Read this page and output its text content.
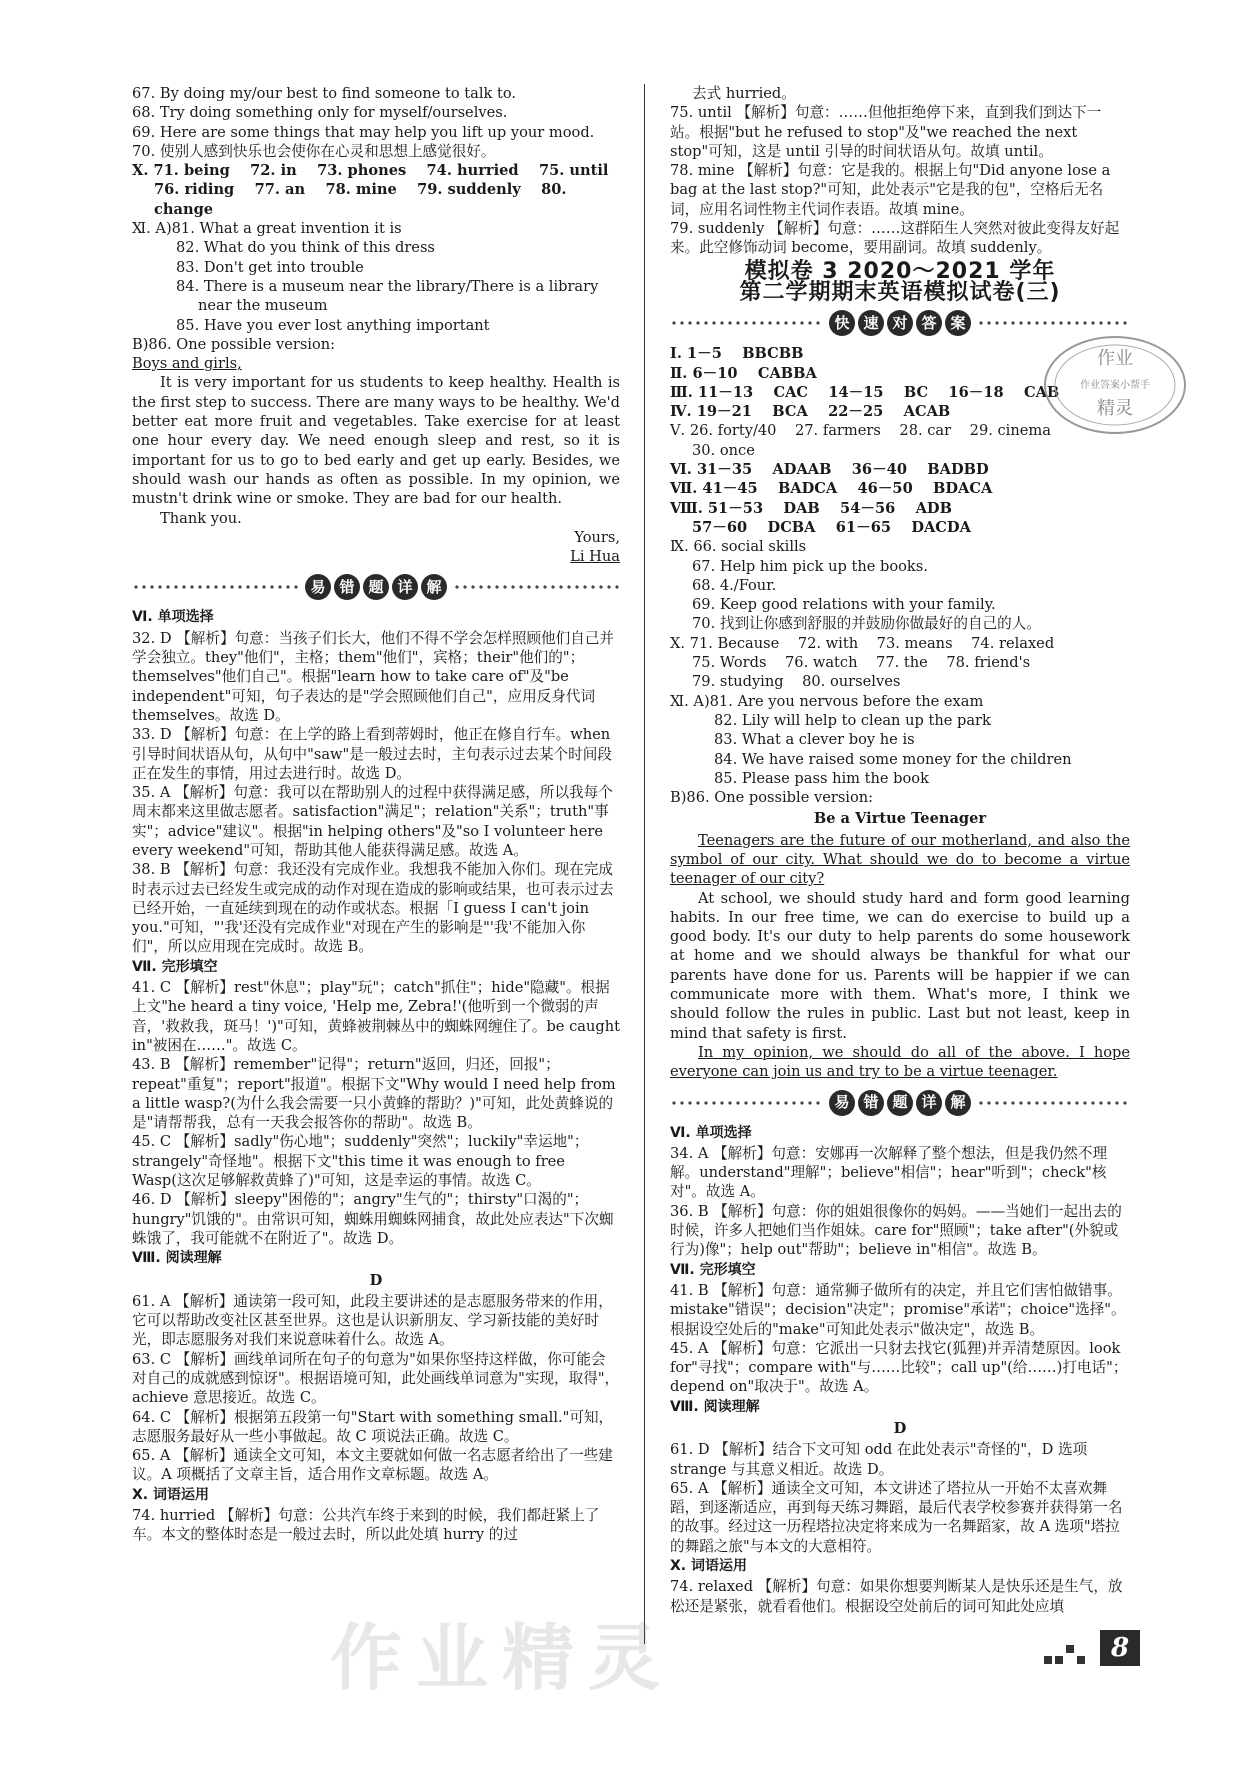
67. By doing my/our best to find someone to talk to.

68. Try doing something only for myself/ourselves.

69. Here are some things that may help you lift up your mood.

70. 使别人感到快乐也会使你在心灵和思想上感觉很好。

Ⅹ. 71. being    72. in    73. phones    74. hurried    75. until

76. riding    77. an    78. mine    79. suddenly    80. change

Ⅺ. A)81. What a great invention it is

82. What do you think of this dress

83. Don't get into trouble

84. There is a museum near the library/There is a library

near the museum

85. Have you ever lost anything important

B)86. One possible version:

Boys and girls,

It is very important for us students to keep healthy. Health is the first step to success. There are many ways to be healthy. We'd better eat more fruit and vegetables. Take exercise for at least one hour every day. We need enough sleep and rest, so it is important for us to go to bed early and get up early. Besides, we should wash our hands as often as possible. In my opinion, we mustn't drink wine or smoke. They are bad for our health.

Thank you.

Yours,

Li Hua

易 错 题 详 解

Ⅵ. 单项选择

32. D 【解析】句意：当孩子们长大，他们不得不学会怎样照顾他们自己并学会独立。they"他们"，主格；them"他们"，宾格；their"他们的"；themselves"他们自己"。根据"learn how to take care of"及"be independent"可知，句子表达的是"学会照顾他们自己"，应用反身代词 themselves。故选 D。

33. D 【解析】句意：在上学的路上看到蒂姆时，他正在修自行车。when 引导时间状语从句，从句中"saw"是一般过去时，主句表示过去某个时间段正在发生的事情，用过去进行时。故选 D。

35. A 【解析】句意：我可以在帮助别人的过程中获得满足感，所以我每个周末都来这里做志愿者。satisfaction"满足"；relation"关系"；truth"事实"；advice"建议"。根据"in helping others"及"so I volunteer here every weekend"可知，帮助其他人能获得满足感。故选 A。

38. B 【解析】句意：我还没有完成作业。我想我不能加入你们。现在完成时表示过去已经发生或完成的动作对现在造成的影响或结果，也可表示过去已经开始，一直延续到现在的动作或状态。根据「I guess I can't join you."可知，"'我'还没有完成作业"对现在产生的影响是"'我'不能加入你们"，所以应用现在完成时。故选 B。

Ⅶ. 完形填空

41. C 【解析】rest"休息"；play"玩"；catch"抓住"；hide"隐藏"。根据上文"he heard a tiny voice, 'Help me, Zebra!'(他听到一个微弱的声音，'救救我，斑马！')"可知，黄蜂被荆棘丛中的蜘蛛网缠住了。be caught in"被困在……"。故选 C。

43. B 【解析】remember"记得"；return"返回，归还，回报"；repeat"重复"；report"报道"。根据下文"Why would I need help from a little wasp?(为什么我会需要一只小黄蜂的帮助？)"可知，此处黄蜂说的是"请帮帮我，总有一天我会报答你的帮助"。故选 B。

45. C 【解析】sadly"伤心地"；suddenly"突然"；luckily"幸运地"；strangely"奇怪地"。根据下文"this time it was enough to free Wasp(这次足够解救黄蜂了)"可知，这是幸运的事情。故选 C。

46. D 【解析】sleepy"困倦的"；angry"生气的"；thirsty"口渴的"；hungry"饥饿的"。由常识可知，蜘蛛用蜘蛛网捕食，故此处应表达"下次蜘蛛饿了，我可能就不在附近了"。故选 D。

Ⅷ. 阅读理解

D

61. A 【解析】通读第一段可知，此段主要讲述的是志愿服务带来的作用，它可以帮助改变社区甚至世界。这也是认识新朋友、学习新技能的美好时光，即志愿服务对我们来说意味着什么。故选 A。

63. C 【解析】画线单词所在句子的句意为"如果你坚持这样做，你可能会对自己的成就感到惊讶"。根据语境可知，此处画线单词意为"实现，取得"，achieve 意思接近。故选 C。

64. C 【解析】根据第五段第一句"Start with something small."可知，志愿服务最好从一些小事做起。故 C 项说法正确。故选 C。

65. A 【解析】通读全文可知，本文主要就如何做一名志愿者给出了一些建议。A 项概括了文章主旨，适合用作文章标题。故选 A。

Ⅹ. 词语运用

74. hurried 【解析】句意：公共汽车终于来到的时候，我们都赶紧上了车。本文的整体时态是一般过去时，所以此处填 hurry 的过

去式 hurried。

75. until 【解析】句意：……但他拒绝停下来，直到我们到达下一站。根据"but he refused to stop"及"we reached the next stop"可知，这是 until 引导的时间状语从句。故填 until。

78. mine 【解析】句意：它是我的。根据上句"Did anyone lose a bag at the last stop?"可知，此处表示"它是我的包"，空格后无名词，应用名词性物主代词作表语。故填 mine。

79. suddenly 【解析】句意：……这群陌生人突然对彼此变得友好起来。此空修饰动词 become，要用副词。故填 suddenly。

模拟卷 3 2020～2021 学年

第二学期期末英语模拟试卷(三)

快 速 对 答 案

Ⅰ. 1－5    BBCBB

Ⅱ. 6－10    CABBA

Ⅲ. 11－13    CAC    14－15    BC    16－18    CAB

Ⅳ. 19－21    BCA    22－25    ACAB

Ⅴ. 26. forty/40    27. farmers    28. car    29. cinema

30. once

Ⅵ. 31－35    ADAAB    36－40    BADBD

Ⅶ. 41－45    BADCA    46－50    BDACA

Ⅷ. 51－53    DAB    54－56    ADB

57－60    DCBA    61－65    DACDA

Ⅸ. 66. social skills

67. Help him pick up the books.

68. 4./Four.

69. Keep good relations with your family.

70. 找到让你感到舒服的并鼓励你做最好的自己的人。

Ⅹ. 71. Because    72. with    73. means    74. relaxed

75. Words    76. watch    77. the    78. friend's

79. studying    80. ourselves

Ⅺ. A)81. Are you nervous before the exam

82. Lily will help to clean up the park

83. What a clever boy he is

84. We have raised some money for the children

85. Please pass him the book

B)86. One possible version:

Be a Virtue Teenager

Teenagers are the future of our motherland, and also the symbol of our city. What should we do to become a virtue teenager of our city?

At school, we should study hard and form good learning habits. In our free time, we can do exercise to build up a good body. It's our duty to help parents do some housework at home and we should always be thankful for what our parents have done for us. Parents will be happier if we can communicate more with them. What's more, I think we should follow the rules in public. Last but not least, keep in mind that safety is first.

In my opinion, we should do all of the above. I hope everyone can join us and try to be a virtue teenager.

易 错 题 详 解

Ⅵ. 单项选择

34. A 【解析】句意：安娜再一次解释了整个想法，但是我仍然不理解。understand"理解"；believe"相信"；hear"听到"；check"核对"。故选 A。

36. B 【解析】句意：你的姐姐很像你的妈妈。——当她们一起出去的时候，许多人把她们当作姐妹。care for"照顾"；take after"(外貌或行为)像"；help out"帮助"；believe in"相信"。故选 B。

Ⅶ. 完形填空

41. B 【解析】句意：通常狮子做所有的决定，并且它们害怕做错事。mistake"错误"；decision"决定"；promise"承诺"；choice"选择"。根据设空处后的"make"可知此处表示"做决定"，故选 B。

45. A 【解析】句意：它派出一只豺去找它(狐狸)并弄清楚原因。look for"寻找"；compare with"与……比较"；call up"(给……)打电话"；depend on"取决于"。故选 A。

Ⅷ. 阅读理解

D

61. D 【解析】结合下文可知 odd 在此处表示"奇怪的"，D 选项 strange 与其意义相近。故选 D。

65. A 【解析】通读全文可知，本文讲述了塔拉从一开始不太喜欢舞蹈，到逐渐适应，再到每天练习舞蹈，最后代表学校参赛并获得第一名的故事。经过这一历程塔拉决定将来成为一名舞蹈家，故 A 选项"塔拉的舞蹈之旅"与本文的大意相符。

Ⅹ. 词语运用

74. relaxed 【解析】句意：如果你想要判断某人是快乐还是生气，放松还是紧张，就看看他们。根据设空处前后的词可知此处应填

作业
作业答案小帮手
精灵
作业精灵	8
